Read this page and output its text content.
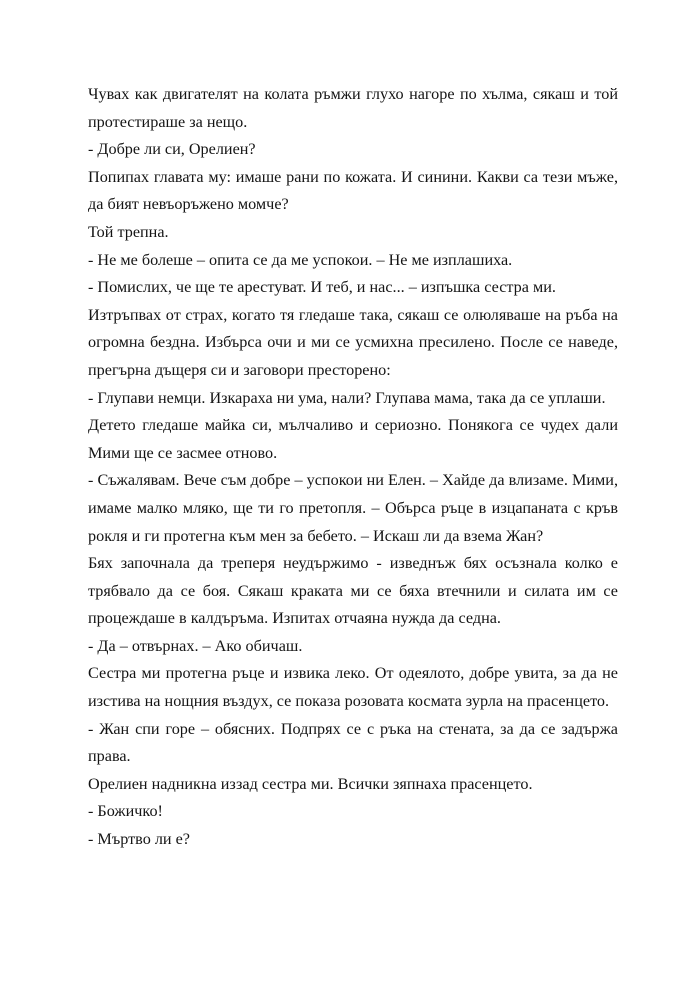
Чувах как двигателят на колата ръмжи глухо нагоре по хълма, сякаш и той протестираше за нещо.

- Добре ли си, Орелиен?

Попипах главата му: имаше рани по кожата. И синини. Какви са тези мъже, да бият невъоръжено момче?

Той трепна.

- Не ме болеше – опита се да ме успокои. – Не ме изплашиха.

- Помислих, че ще те арестуват. И теб, и нас... – изпъшка сестра ми.

Изтръпвах от страх, когато тя гледаше така, сякаш се олюляваше на ръба на огромна бездна. Избърса очи и ми се усмихна пресилено. После се наведе, прегърна дъщеря си и заговори престорено:

- Глупави немци. Изкараха ни ума, нали? Глупава мама, така да се уплаши.

Детето гледаше майка си, мълчаливо и сериозно. Понякога се чудех дали Мими ще се засмее отново.

- Съжалявам. Вече съм добре – успокои ни Елен. – Хайде да влизаме. Мими, имаме малко мляко, ще ти го претопля. – Обърса ръце в изцапаната с кръв рокля и ги протегна към мен за бебето. – Искаш ли да взема Жан?

Бях започнала да треперя неудържимо - изведнъж бях осъзнала колко е трябвало да се боя. Сякаш краката ми се бяха втечнили и силата им се процеждаше в калдъръма. Изпитах отчаяна нужда да седна.

- Да – отвърнах. – Ако обичаш.

Сестра ми протегна ръце и извика леко. От одеялото, добре увита, за да не изстива на нощния въздух, се показа розовата косматa зурла на прасенцето.

- Жан спи горе – обясних. Подпрях се с ръка на стената, за да се задържа права.

Орелиен надникна иззад сестра ми. Всички зяпнаха прасенцето.

- Божичко!

- Мъртво ли е?
